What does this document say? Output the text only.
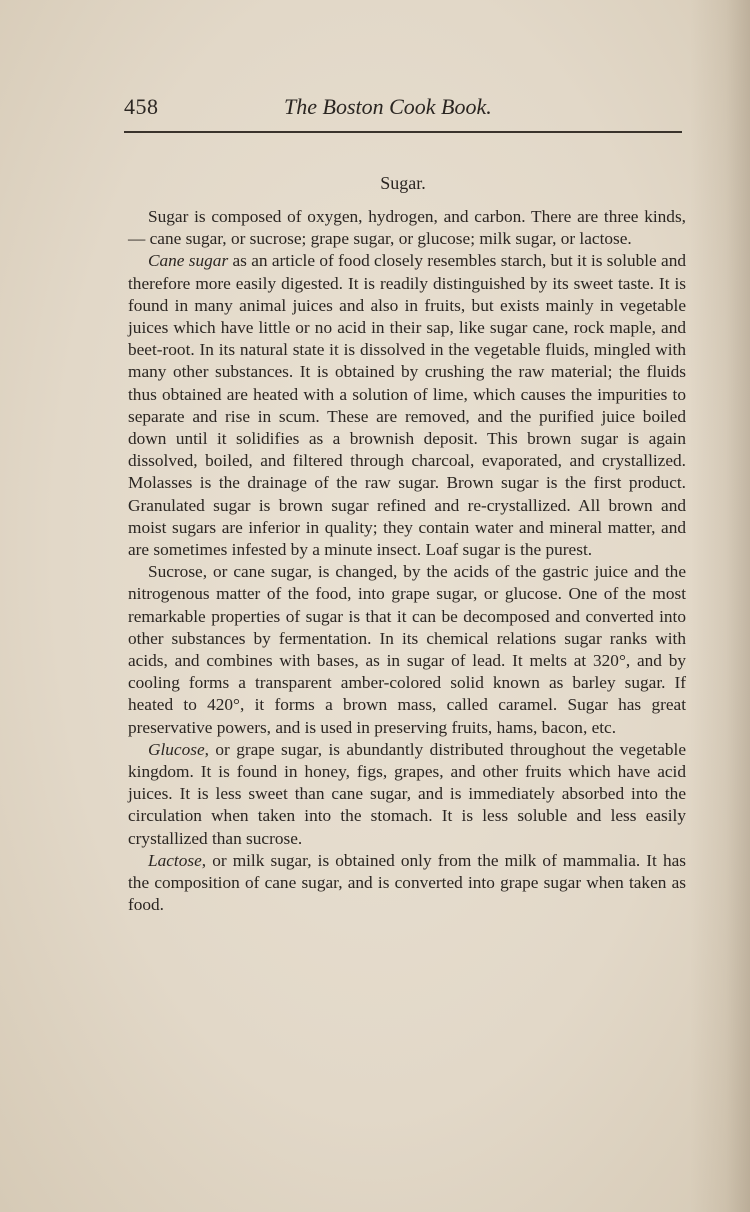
458	The Boston Cook Book.
Sugar.

Sugar is composed of oxygen, hydrogen, and carbon. There are three kinds, — cane sugar, or sucrose; grape sugar, or glucose; milk sugar, or lactose.

Cane sugar as an article of food closely resembles starch, but it is soluble and therefore more easily digested. It is readily distinguished by its sweet taste. It is found in many animal juices and also in fruits, but exists mainly in vegetable juices which have little or no acid in their sap, like sugar cane, rock maple, and beet-root. In its natural state it is dissolved in the vegetable fluids, mingled with many other substances. It is obtained by crushing the raw material; the fluids thus obtained are heated with a solution of lime, which causes the impurities to separate and rise in scum. These are removed, and the purified juice boiled down until it solidifies as a brownish deposit. This brown sugar is again dissolved, boiled, and filtered through charcoal, evaporated, and crystallized. Molasses is the drainage of the raw sugar. Brown sugar is the first product. Granulated sugar is brown sugar refined and re-crystallized. All brown and moist sugars are inferior in quality; they contain water and mineral matter, and are sometimes infested by a minute insect. Loaf sugar is the purest.

Sucrose, or cane sugar, is changed, by the acids of the gastric juice and the nitrogenous matter of the food, into grape sugar, or glucose. One of the most remarkable properties of sugar is that it can be decomposed and converted into other substances by fermentation. In its chemical relations sugar ranks with acids, and combines with bases, as in sugar of lead. It melts at 320°, and by cooling forms a transparent amber-colored solid known as barley sugar. If heated to 420°, it forms a brown mass, called caramel. Sugar has great preservative powers, and is used in preserving fruits, hams, bacon, etc.

Glucose, or grape sugar, is abundantly distributed throughout the vegetable kingdom. It is found in honey, figs, grapes, and other fruits which have acid juices. It is less sweet than cane sugar, and is immediately absorbed into the circulation when taken into the stomach. It is less soluble and less easily crystallized than sucrose.

Lactose, or milk sugar, is obtained only from the milk of mammalia. It has the composition of cane sugar, and is converted into grape sugar when taken as food.
